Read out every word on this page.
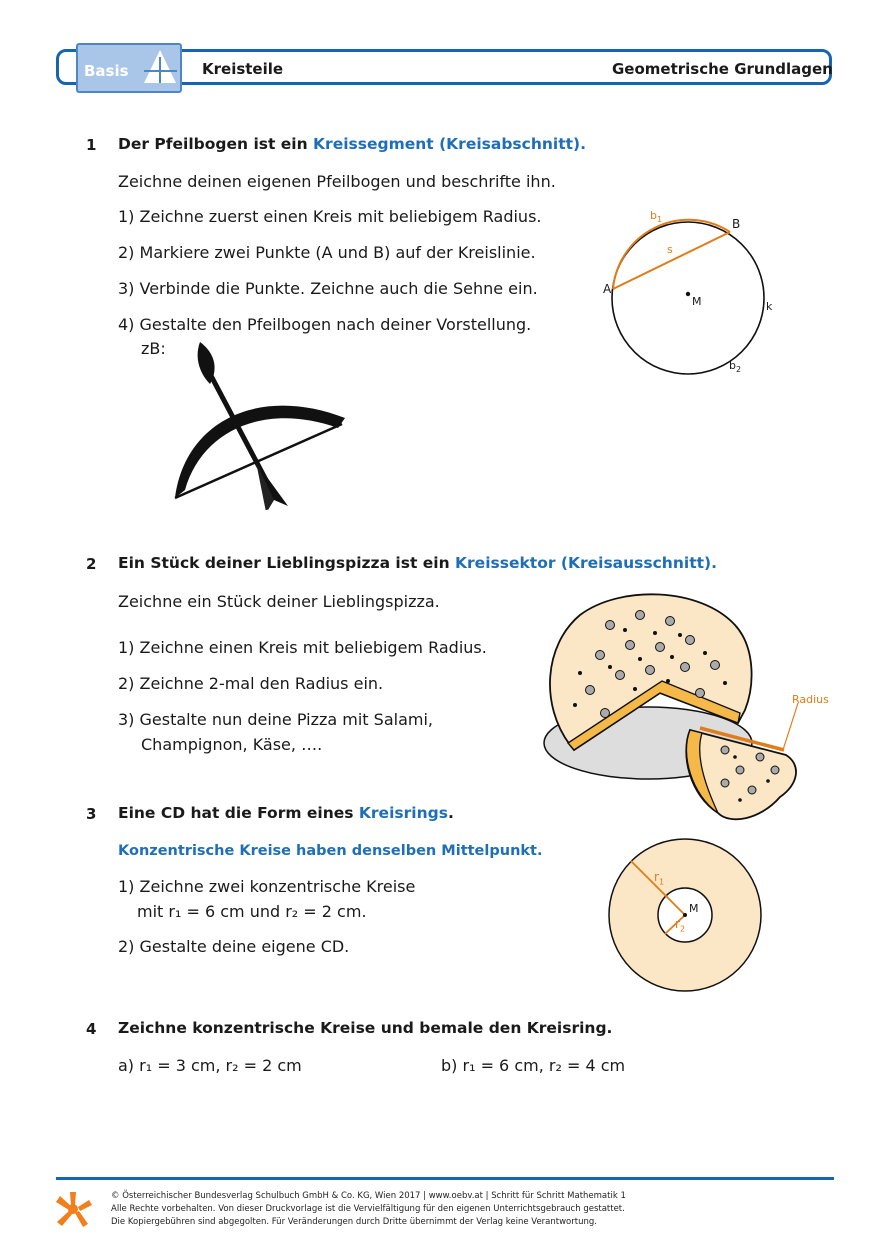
Basis	Kreisteile	Geometrische Grundlagen
1 Der Pfeilbogen ist ein Kreissegment (Kreisabschnitt).
Zeichne deinen eigenen Pfeilbogen und beschrifte ihn.
1) Zeichne zuerst einen Kreis mit beliebigem Radius.
2) Markiere zwei Punkte (A und B) auf der Kreislinie.
3) Verbinde die Punkte. Zeichne auch die Sehne ein.
4) Gestalte den Pfeilbogen nach deiner Vorstellung.
zB:
$b_1$	B
s
A
M	k
$b_2$
2 Ein Stück deiner Lieblingspizza ist ein Kreissektor (Kreisausschnitt).
Zeichne ein Stück deiner Lieblingspizza.
1) Zeichne einen Kreis mit beliebigem Radius.
2) Zeichne 2-mal den Radius ein.
3) Gestalte nun deine Pizza mit Salami,
Champignon, Käse, ….
Radius
3 Eine CD hat die Form eines Kreisrings.
Konzentrische Kreise haben denselben Mittelpunkt.
1) Zeichne zwei konzentrische Kreise
mit r₁ = 6 cm und r₂ = 2 cm.
2) Gestalte deine eigene CD.
$r_1$
M
$r_2$
4 Zeichne konzentrische Kreise und bemale den Kreisring.
a) r₁ = 3 cm, r₂ = 2 cm	b) r₁ = 6 cm, r₂ = 4 cm
© Österreichischer Bundesverlag Schulbuch GmbH & Co. KG, Wien 2017 | www.oebv.at | Schritt für Schritt Mathematik 1
Alle Rechte vorbehalten. Von dieser Druckvorlage ist die Vervielfältigung für den eigenen Unterrichtsgebrauch gestattet.
Die Kopiergebühren sind abgegolten. Für Veränderungen durch Dritte übernimmt der Verlag keine Verantwortung.
